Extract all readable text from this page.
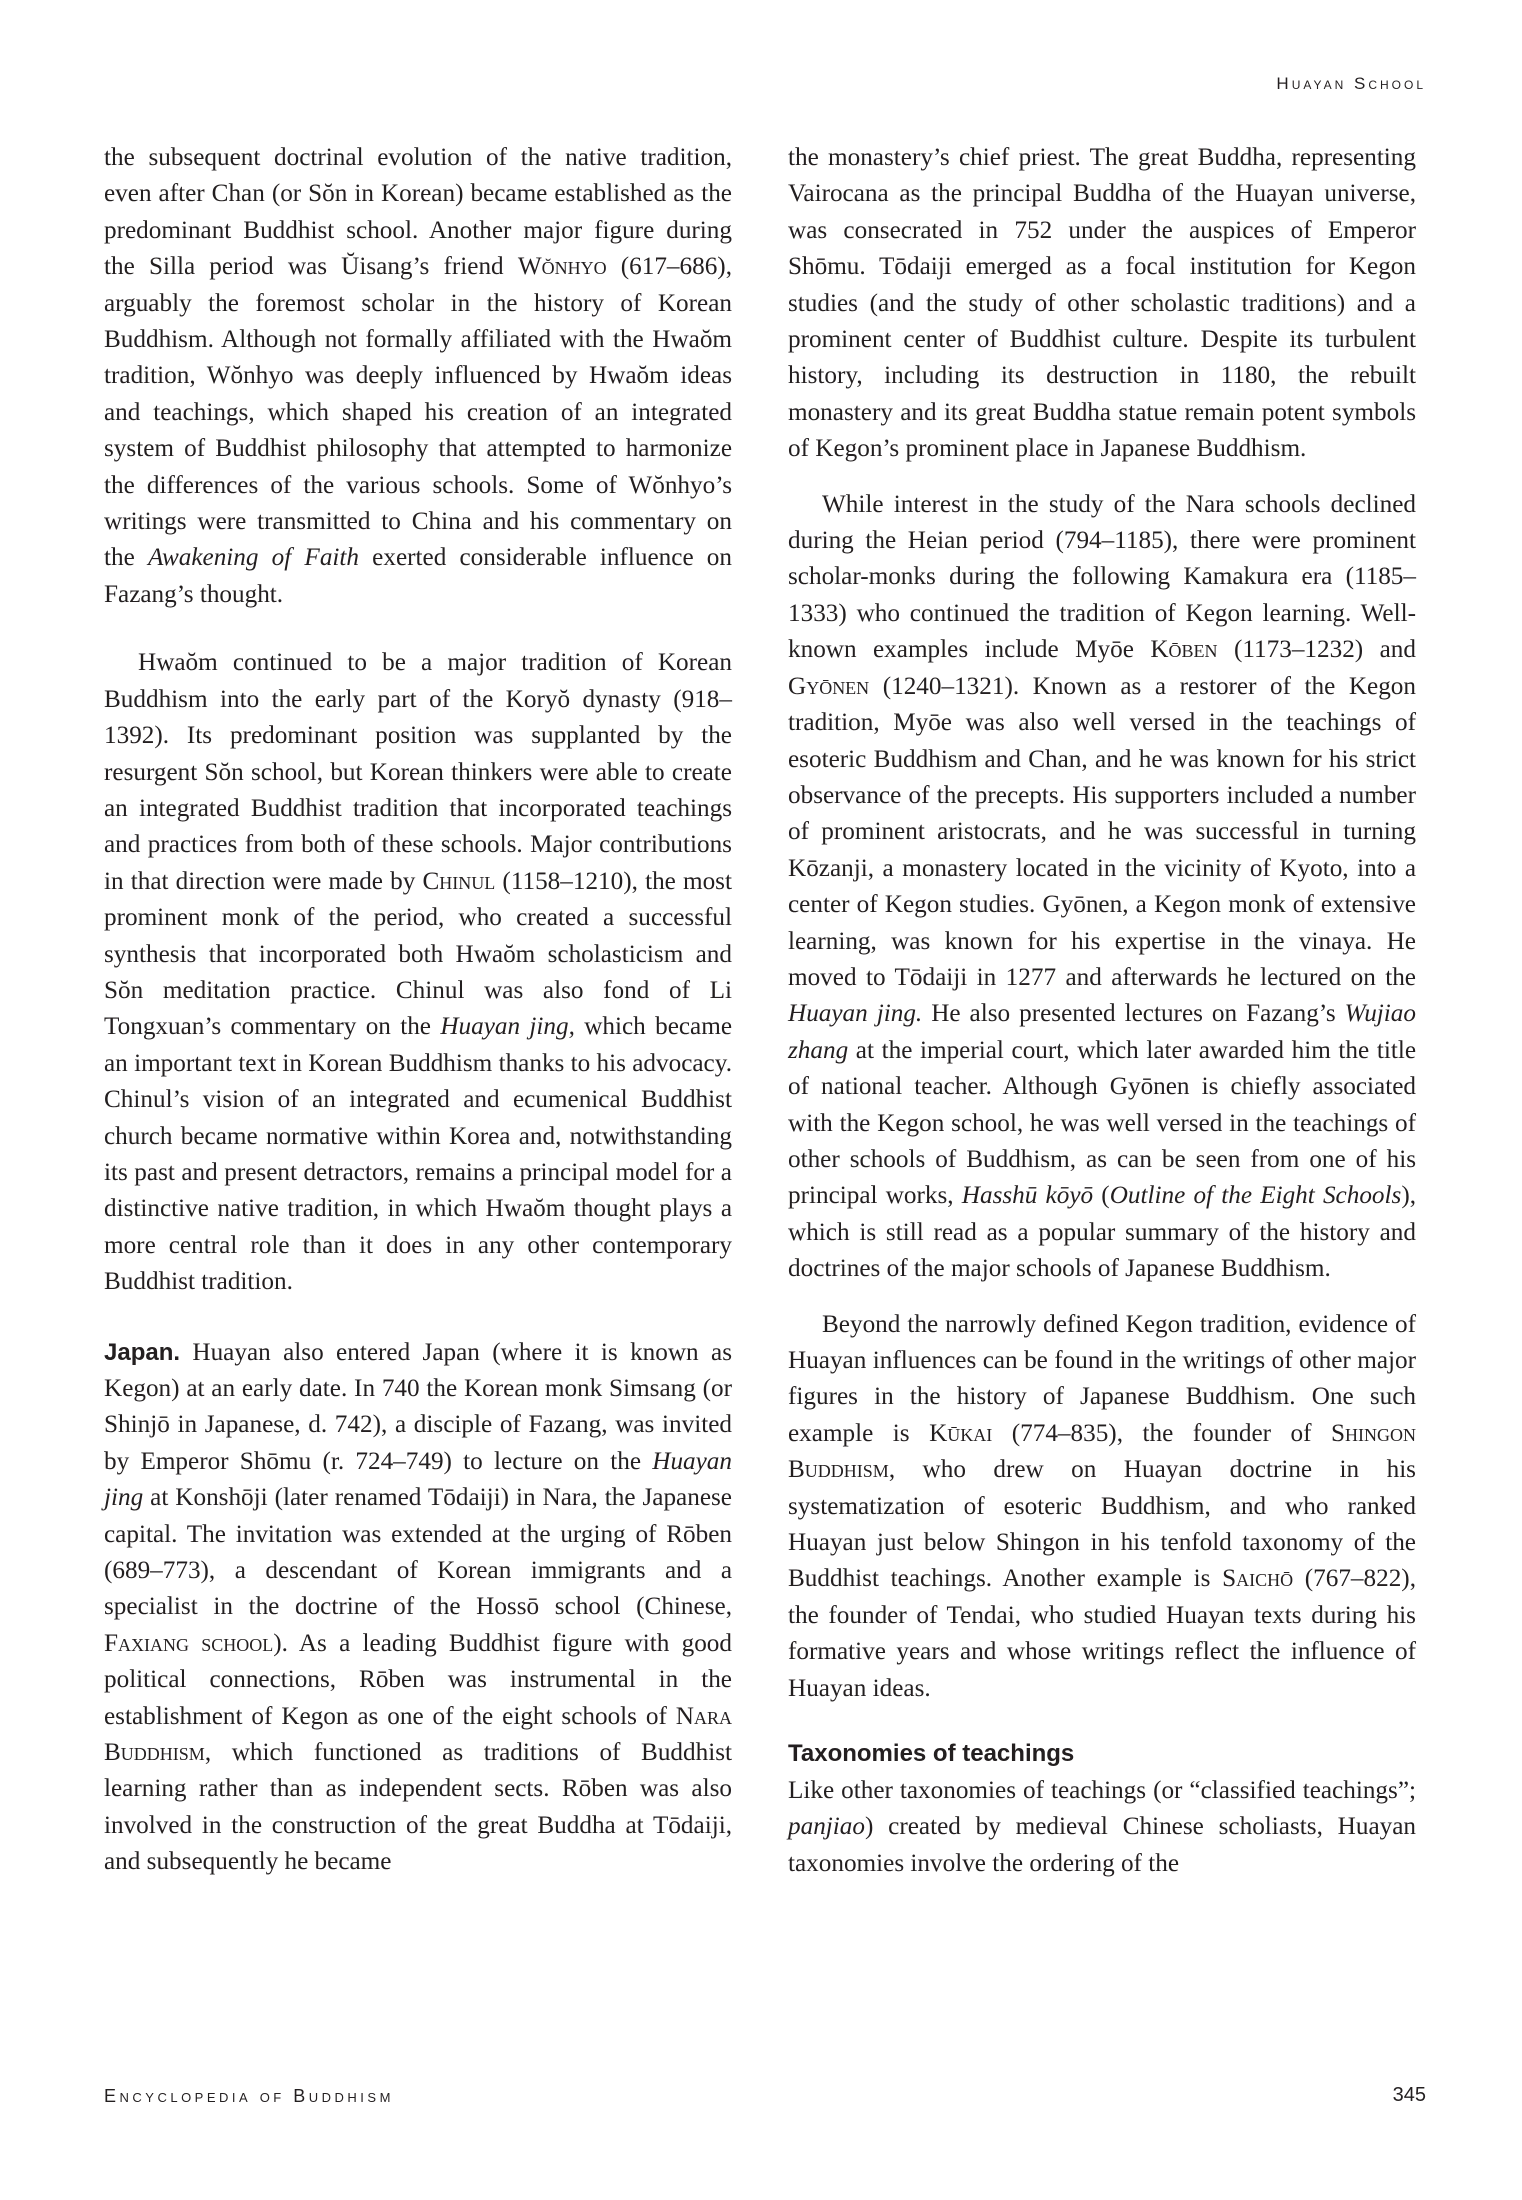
Huayan School

the subsequent doctrinal evolution of the native tradition, even after Chan (or Sŏn in Korean) became established as the predominant Buddhist school. Another major figure during the Silla period was Ŭisang’s friend Wŏnhyo (617–686), arguably the foremost scholar in the history of Korean Buddhism. Although not formally affiliated with the Hwaŏm tradition, Wŏnhyo was deeply influenced by Hwaŏm ideas and teachings, which shaped his creation of an integrated system of Buddhist philosophy that attempted to harmonize the differences of the various schools. Some of Wŏnhyo’s writings were transmitted to China and his commentary on the Awakening of Faith exerted considerable influence on Fazang’s thought.

Hwaŏm continued to be a major tradition of Korean Buddhism into the early part of the Koryŏ dynasty (918–1392). Its predominant position was supplanted by the resurgent Sŏn school, but Korean thinkers were able to create an integrated Buddhist tradition that incorporated teachings and practices from both of these schools. Major contributions in that direction were made by Chinul (1158–1210), the most prominent monk of the period, who created a successful synthesis that incorporated both Hwaŏm scholasticism and Sŏn meditation practice. Chinul was also fond of Li Tongxuan’s commentary on the Huayan jing, which became an important text in Korean Buddhism thanks to his advocacy. Chinul’s vision of an integrated and ecumenical Buddhist church became normative within Korea and, notwithstanding its past and present detractors, remains a principal model for a distinctive native tradition, in which Hwaŏm thought plays a more central role than it does in any other contemporary Buddhist tradition.

Japan. Huayan also entered Japan (where it is known as Kegon) at an early date. In 740 the Korean monk Simsang (or Shinjō in Japanese, d. 742), a disciple of Fazang, was invited by Emperor Shōmu (r. 724–749) to lecture on the Huayan jing at Konshōji (later renamed Tōdaiji) in Nara, the Japanese capital. The invitation was extended at the urging of Rōben (689–773), a descendant of Korean immigrants and a specialist in the doctrine of the Hossō school (Chinese, Faxiang school). As a leading Buddhist figure with good political connections, Rōben was instrumental in the establishment of Kegon as one of the eight schools of Nara Buddhism, which functioned as traditions of Buddhist learning rather than as independent sects. Rōben was also involved in the construction of the great Buddha at Tōdaiji, and subsequently he became

the monastery’s chief priest. The great Buddha, representing Vairocana as the principal Buddha of the Huayan universe, was consecrated in 752 under the auspices of Emperor Shōmu. Tōdaiji emerged as a focal institution for Kegon studies (and the study of other scholastic traditions) and a prominent center of Buddhist culture. Despite its turbulent history, including its destruction in 1180, the rebuilt monastery and its great Buddha statue remain potent symbols of Kegon’s prominent place in Japanese Buddhism.

While interest in the study of the Nara schools declined during the Heian period (794–1185), there were prominent scholar-monks during the following Kamakura era (1185–1333) who continued the tradition of Kegon learning. Well-known examples include Myōe Kōben (1173–1232) and Gyōnen (1240–1321). Known as a restorer of the Kegon tradition, Myōe was also well versed in the teachings of esoteric Buddhism and Chan, and he was known for his strict observance of the precepts. His supporters included a number of prominent aristocrats, and he was successful in turning Kōzanji, a monastery located in the vicinity of Kyoto, into a center of Kegon studies. Gyōnen, a Kegon monk of extensive learning, was known for his expertise in the vinaya. He moved to Tōdaiji in 1277 and afterwards he lectured on the Huayan jing. He also presented lectures on Fazang’s Wujiao zhang at the imperial court, which later awarded him the title of national teacher. Although Gyōnen is chiefly associated with the Kegon school, he was well versed in the teachings of other schools of Buddhism, as can be seen from one of his principal works, Hasshū kōyō (Outline of the Eight Schools), which is still read as a popular summary of the history and doctrines of the major schools of Japanese Buddhism.

Beyond the narrowly defined Kegon tradition, evidence of Huayan influences can be found in the writings of other major figures in the history of Japanese Buddhism. One such example is Kūkai (774–835), the founder of Shingon Buddhism, who drew on Huayan doctrine in his systematization of esoteric Buddhism, and who ranked Huayan just below Shingon in his tenfold taxonomy of the Buddhist teachings. Another example is Saichō (767–822), the founder of Tendai, who studied Huayan texts during his formative years and whose writings reflect the influence of Huayan ideas.

Taxonomies of teachings

Like other taxonomies of teachings (or “classified teachings”; panjiao) created by medieval Chinese scholiasts, Huayan taxonomies involve the ordering of the

Encyclopedia of Buddhism	345
